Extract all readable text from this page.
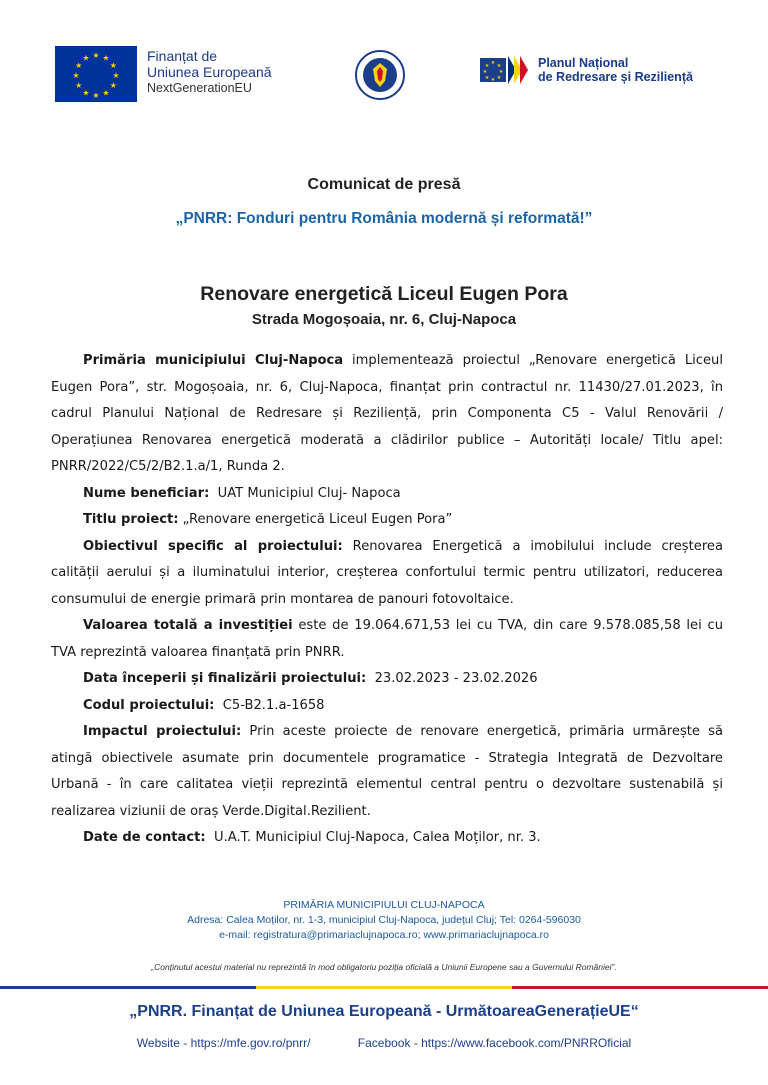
★ ★
★
★
★
★
★
★
★
★
★
★	Finanțat de
Uniunea Europeană
NextGenerationEU
★ ★
★
★
★
★
★
★	Planul Național
de Redresare și Reziliență
Comunicat de presă
„PNRR: Fonduri pentru România modernă și reformată!”
Renovare energetică Liceul Eugen Pora
Strada Mogoșoaia, nr. 6, Cluj-Napoca

Primăria municipiului Cluj-Napoca implementează proiectul „Renovare energetică Liceul Eugen Pora”, str. Mogoșoaia, nr. 6, Cluj-Napoca, finanțat prin contractul nr. 11430/27.01.2023, în cadrul Planului Național de Redresare și Reziliență, prin Componenta C5 - Valul Renovării / Operațiunea Renovarea energetică moderată a clădirilor publice – Autorități locale/ Titlu apel: PNRR/2022/C5/2/B2.1.a/1, Runda 2.

Nume beneficiar:  UAT Municipiul Cluj- Napoca

Titlu proiect: „Renovare energetică Liceul Eugen Pora”

Obiectivul specific al proiectului: Renovarea Energetică a imobilului include creșterea calității aerului și a iluminatului interior, creșterea confortului termic pentru utilizatori, reducerea consumului de energie primară prin montarea de panouri fotovoltaice.

Valoarea totală a investiției este de 19.064.671,53 lei cu TVA, din care 9.578.085,58 lei cu TVA reprezintă valoarea finanțată prin PNRR.

Data începerii și finalizării proiectului:  23.02.2023 - 23.02.2026

Codul proiectului:  C5-B2.1.a-1658

Impactul proiectului: Prin aceste proiecte de renovare energetică, primăria urmărește să atingă obiectivele asumate prin documentele programatice - Strategia Integrată de Dezvoltare Urbană - în care calitatea vieții reprezintă elementul central pentru o dezvoltare sustenabilă și realizarea viziunii de oraș Verde.Digital.Rezilient.

Date de contact:  U.A.T. Municipiul Cluj-Napoca, Calea Moților, nr. 3.

PRIMĂRIA MUNICIPIULUI CLUJ-NAPOCA
Adresa: Calea Moților, nr. 1-3, municipiul Cluj-Napoca, județul Cluj; Tel: 0264-596030
e-mail: registratura@primariaclujnapoca.ro; www.primariaclujnapoca.ro
„Conținutul acestui material nu reprezintă în mod obligatoriu poziția oficială a Uniunii Europene sau a Guvernului României”.
„PNRR. Finanțat de Uniunea Europeană - UrmătoareaGenerațieUE“
Website - https://mfe.gov.ro/pnrr/	Facebook - https://www.facebook.com/PNRROficial
